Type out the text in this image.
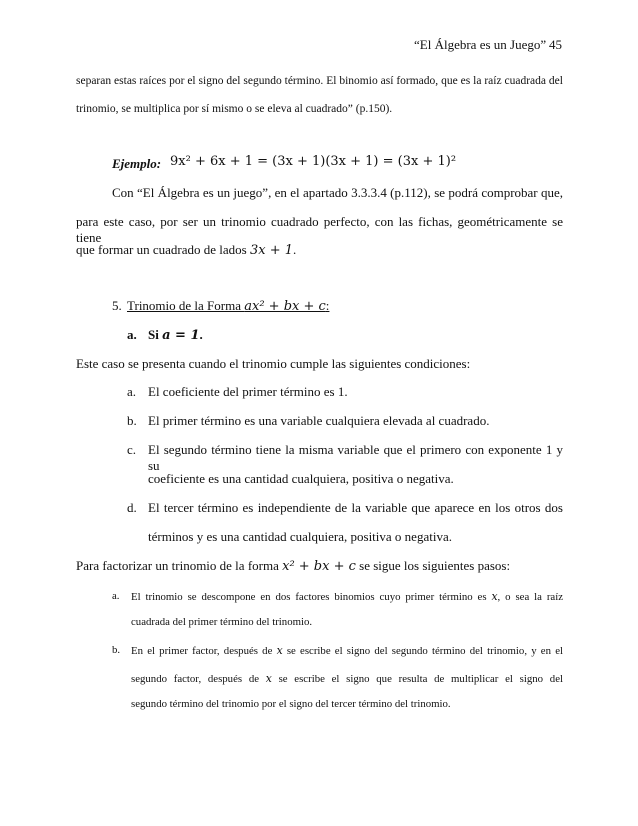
“El Álgebra es un Juego” 45
separan estas raíces por el signo del segundo término. El binomio así formado, que es la raíz cuadrada del
trinomio, se multiplica por sí mismo o se eleva al cuadrado” (p.150).
Ejemplo: 9x² + 6x + 1 = (3x + 1)(3x + 1) = (3x + 1)²
Con “El Álgebra es un juego”, en el apartado 3.3.3.4 (p.112), se podrá comprobar que,
para este caso, por ser un trinomio cuadrado perfecto, con las fichas, geométricamente se tiene
que formar un cuadrado de lados 3x + 1.
5. Trinomio de la Forma ax² + bx + c:
a. Si a = 1.
Este caso se presenta cuando el trinomio cumple las siguientes condiciones:
a. El coeficiente del primer término es 1.
b. El primer término es una variable cualquiera elevada al cuadrado.
c. El segundo término tiene la misma variable que el primero con exponente 1 y su
coeficiente es una cantidad cualquiera, positiva o negativa.
d. El tercer término es independiente de la variable que aparece en los otros dos
términos y es una cantidad cualquiera, positiva o negativa.
Para factorizar un trinomio de la forma x² + bx + c se sigue los siguientes pasos:
a. El trinomio se descompone en dos factores binomios cuyo primer término es x, o sea la raíz
cuadrada del primer término del trinomio.
b. En el primer factor, después de x se escribe el signo del segundo término del trinomio, y en el
segundo factor, después de x se escribe el signo que resulta de multiplicar el signo del
segundo término del trinomio por el signo del tercer término del trinomio.
